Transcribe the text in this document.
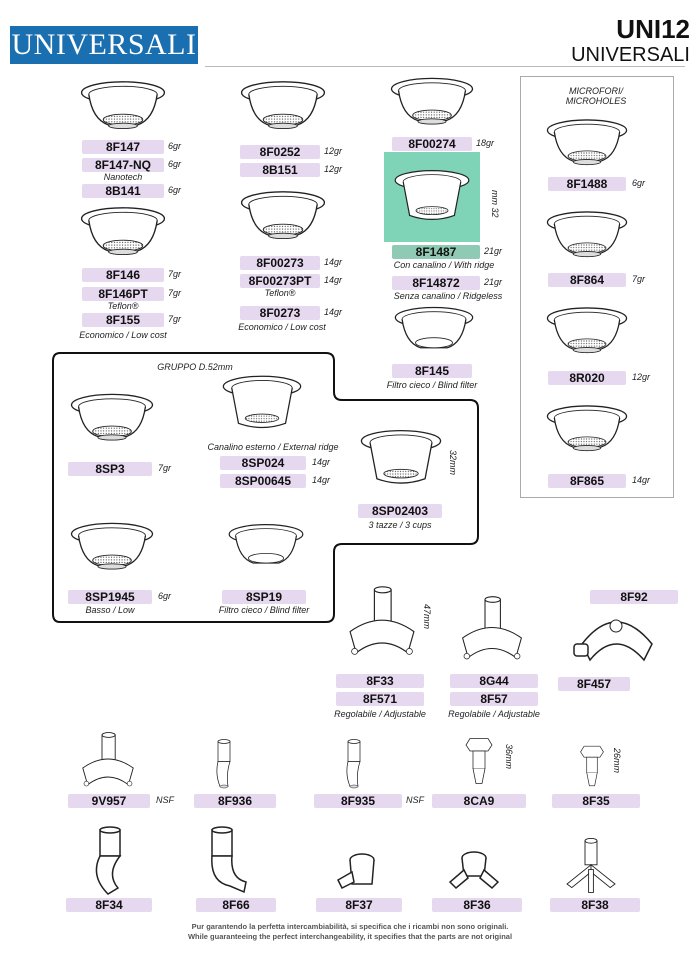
UNIVERSALI	UNI12
UNIVERSALI
MICROFORI/
MICROHOLES
GRUPPO D.52mm
8F147	6gr
8F147-NQ	6gr
Nanotech
8B141	6gr
8F146	7gr
8F146PT	7gr
Teflon®
8F155	7gr
Economico / Low cost
8F0252	12gr
8B151	12gr
8F00273	14gr
8F00273PT	14gr
Teflon®
8F0273	14gr
Economico / Low cost
8F00274	18gr
mm 32
8F1487	21gr
Con canalino / With ridge
8F14872	21gr
Senza canalino / Ridgeless
8F145
Filtro cieco / Blind filter
8F1488	6gr
8F864	7gr
8R020	12gr
8F865	14gr
8SP3	7gr
Canalino esterno / External ridge
8SP024	14gr
8SP00645	14gr
32mm
8SP02403
3 tazze / 3 cups
8SP1945	6gr
Basso / Low
8SP19
Filtro cieco / Blind filter	47mm
8F33
8F571
Regolabile / Adjustable
8G44
8F57
Regolabile / Adjustable
8F92
8F457
9V957	NSF	8F936	8F935	NSF
36mm
8CA9
26mm
8F35
8F34	8F66	8F37	8F36	8F38
Pur garantendo la perfetta intercambiabilità, si specifica che i ricambi non sono originali.
While guaranteeing the perfect interchangeability, it specifies that the parts are not original
